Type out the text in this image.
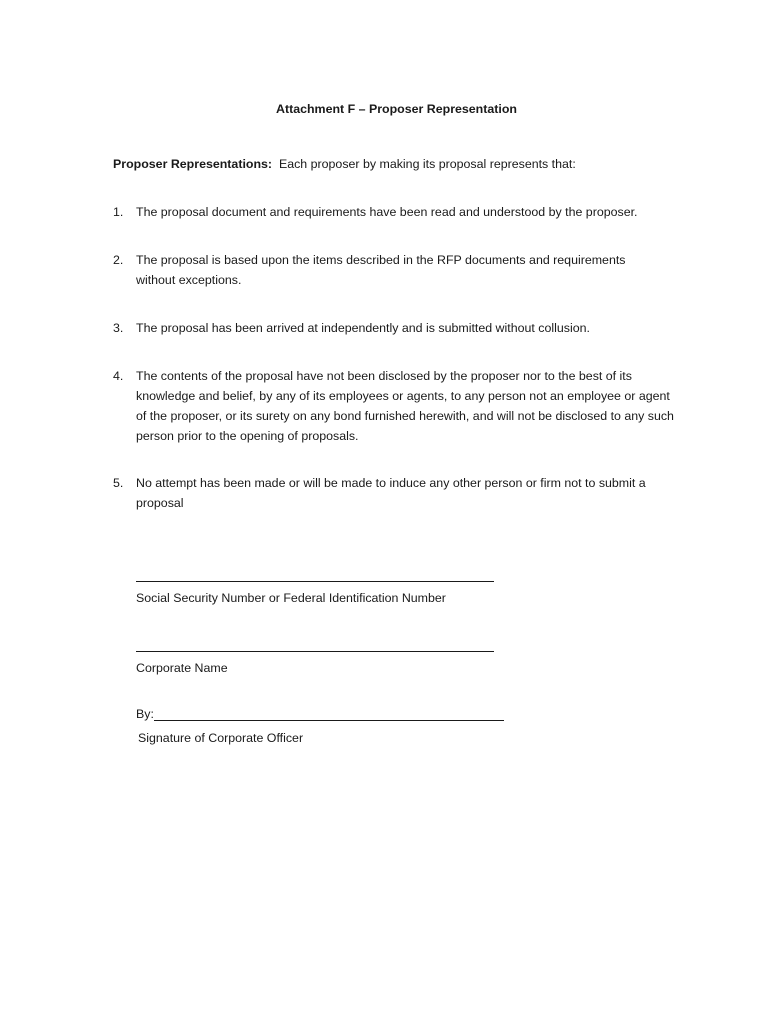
Attachment F – Proposer Representation
Proposer Representations: Each proposer by making its proposal represents that:
1. The proposal document and requirements have been read and understood by the proposer.
2. The proposal is based upon the items described in the RFP documents and requirements without exceptions.
3. The proposal has been arrived at independently and is submitted without collusion.
4. The contents of the proposal have not been disclosed by the proposer nor to the best of its knowledge and belief, by any of its employees or agents, to any person not an employee or agent of the proposer, or its surety on any bond furnished herewith, and will not be disclosed to any such person prior to the opening of proposals.
5. No attempt has been made or will be made to induce any other person or firm not to submit a proposal
Social Security Number or Federal Identification Number
Corporate Name
By:
Signature of Corporate Officer
